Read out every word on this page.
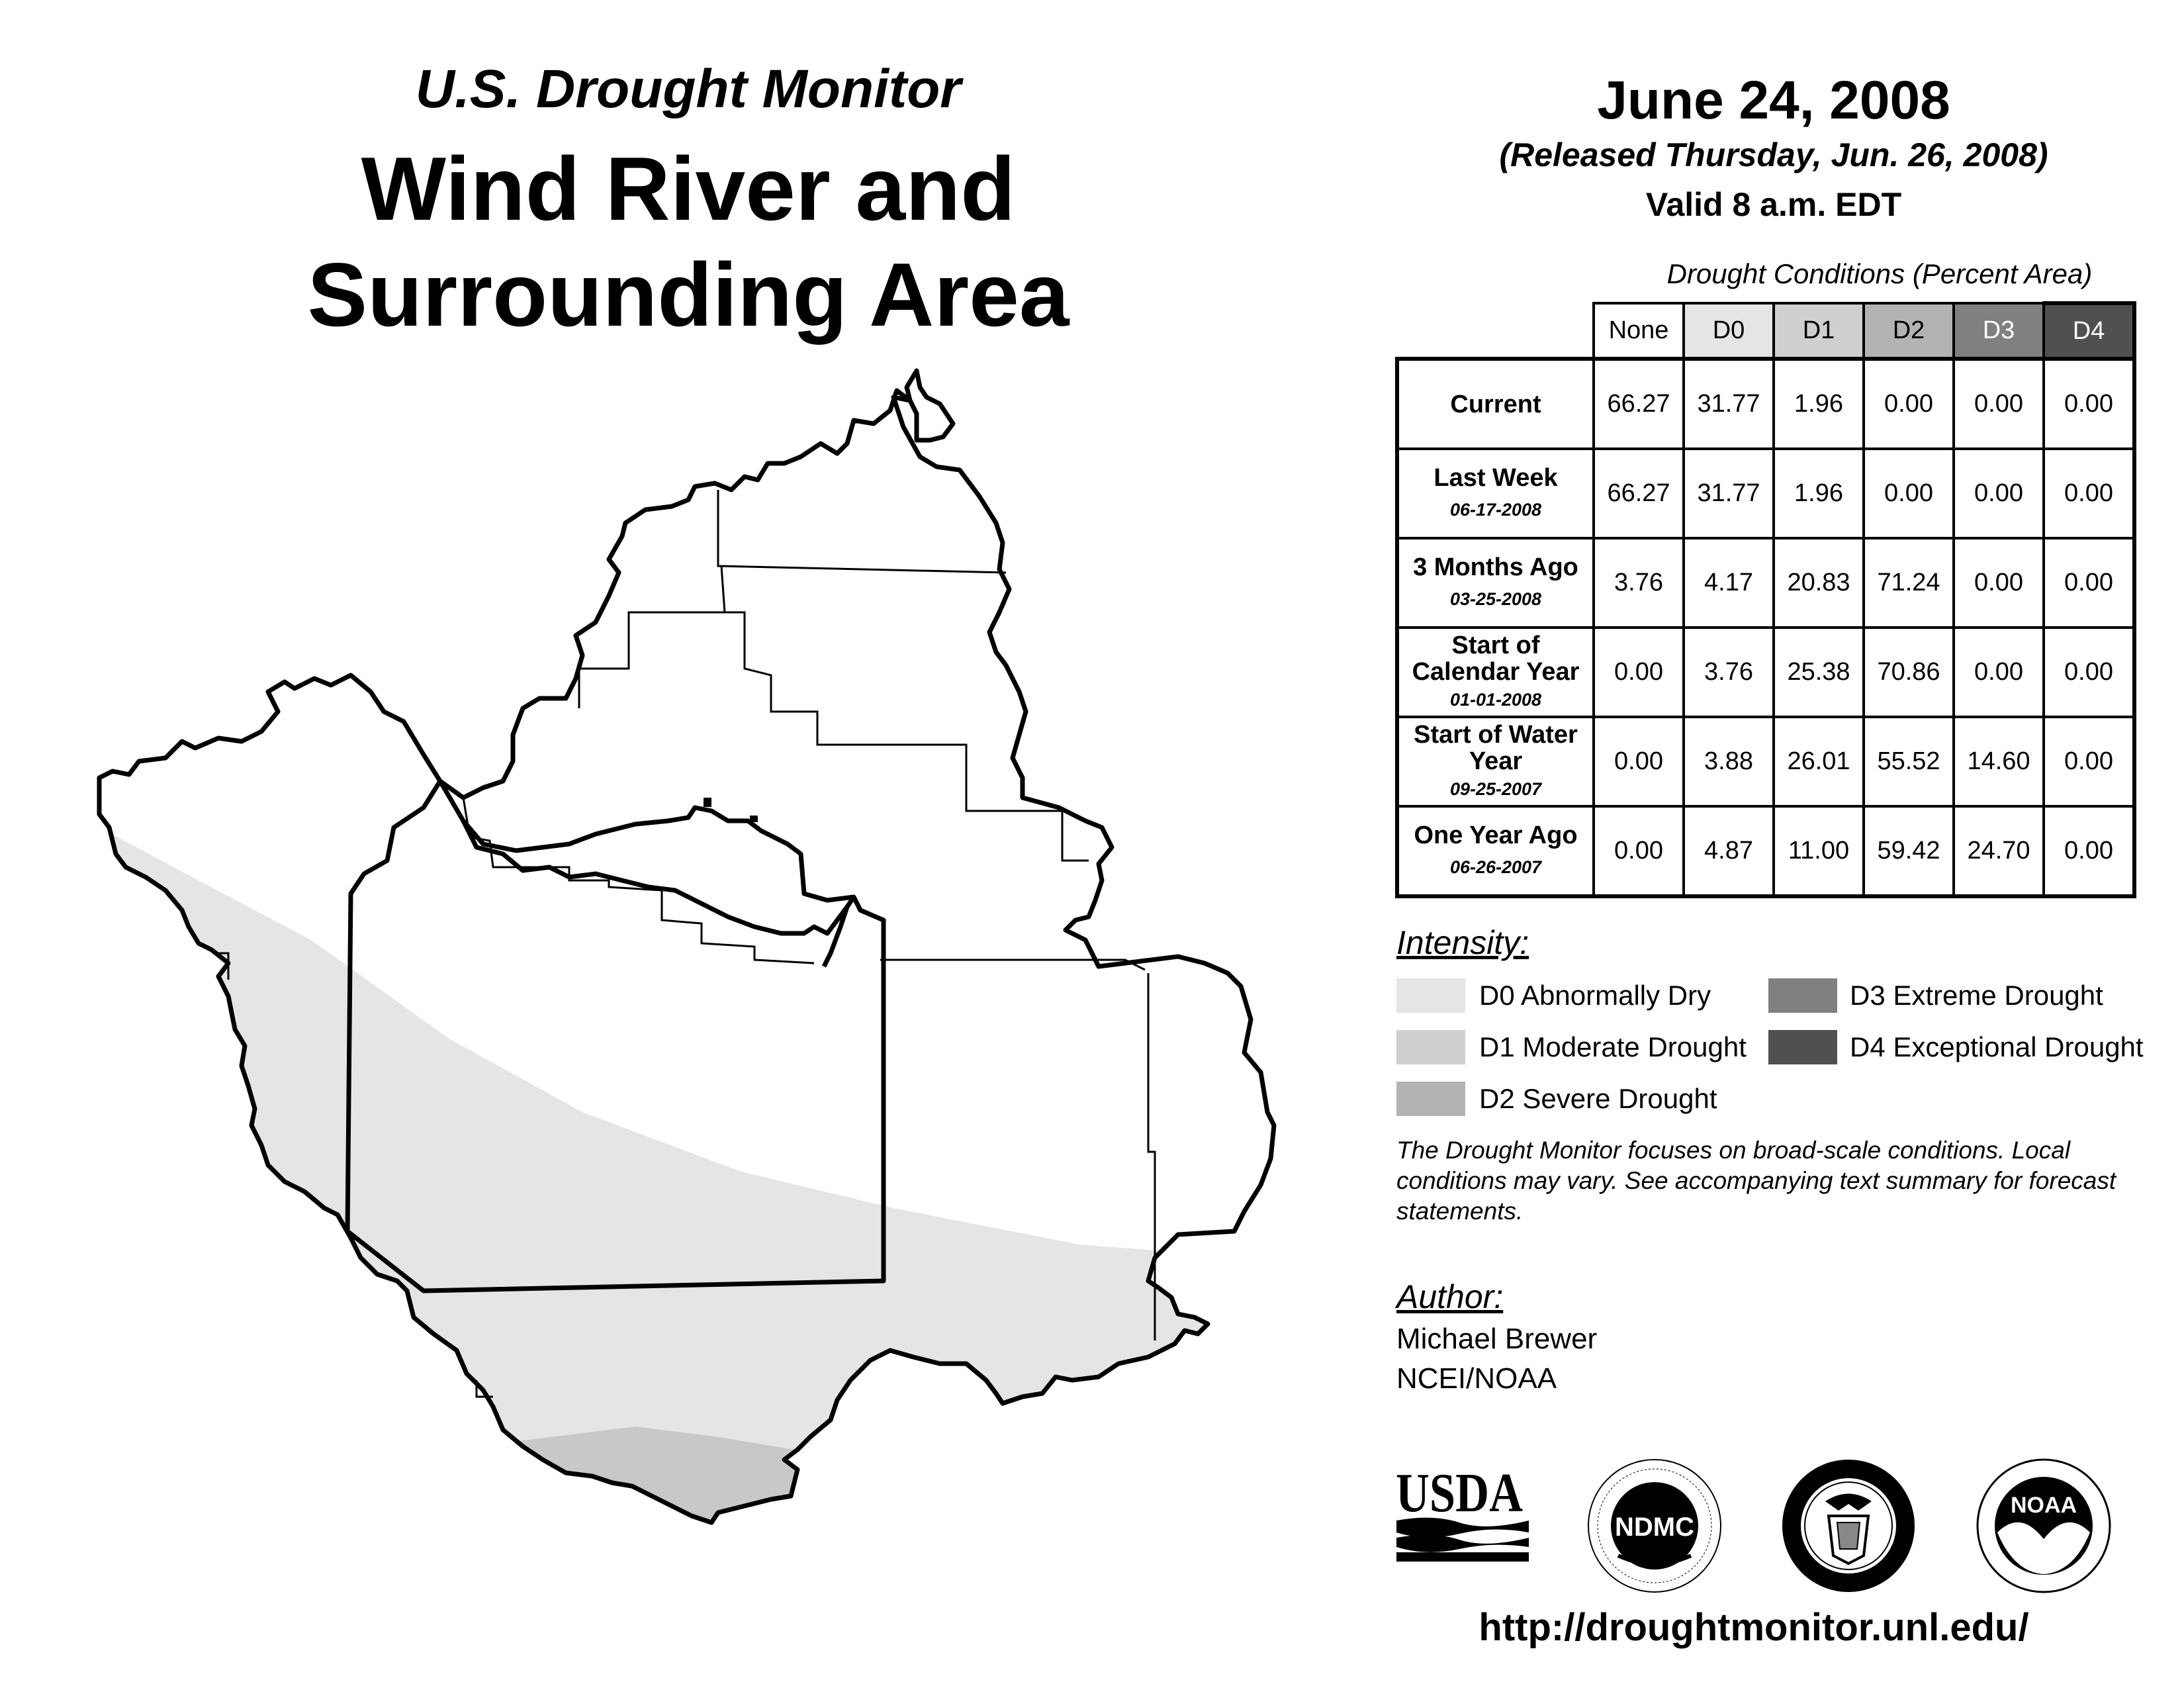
U.S. Drought Monitor
Wind River and
Surrounding Area
June 24, 2008
(Released Thursday, Jun. 26, 2008)
Valid 8 a.m. EDT
Drought Conditions (Percent Area)
	None	D0	D1	D2	D3	D4
Current	66.27	31.77	1.96	0.00	0.00	0.00
Last Week
06-17-2008	66.27	31.77	1.96	0.00	0.00	0.00
3 Months Ago
03-25-2008	3.76	4.17	20.83	71.24	0.00	0.00
Start of Calendar Year
01-01-2008	0.00	3.76	25.38	70.86	0.00	0.00
Start of Water Year
09-25-2007	0.00	3.88	26.01	55.52	14.60	0.00
One Year Ago
06-26-2007	0.00	4.87	11.00	59.42	24.70	0.00
Intensity:
D0 Abnormally Dry
D1 Moderate Drought
D2 Severe Drought
D3 Extreme Drought
D4 Exceptional Drought
The Drought Monitor focuses on broad-scale conditions. Local conditions may vary. See accompanying text summary for forecast statements.
Author:
Michael Brewer
NCEI/NOAA
USDA
NDMC
NOAA
http://droughtmonitor.unl.edu/
